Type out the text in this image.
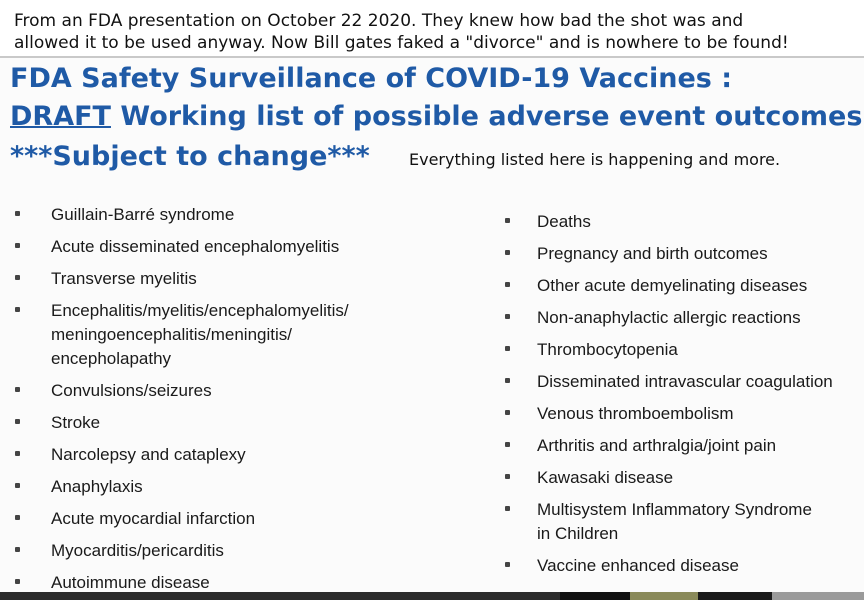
From an FDA presentation on October 22 2020. They knew how bad the shot was and
allowed it to be used anyway. Now Bill gates faked a "divorce" and is nowhere to be found!
FDA Safety Surveillance of COVID-19 Vaccines :
DRAFT Working list of possible adverse event outcomes
***Subject to change*** Everything listed here is happening and more.
Guillain-Barré syndrome
Acute disseminated encephalomyelitis
Transverse myelitis
Encephalitis/myelitis/encephalomyelitis/
meningoencephalitis/meningitis/
encepholapathy
Convulsions/seizures
Stroke
Narcolepsy and cataplexy
Anaphylaxis
Acute myocardial infarction
Myocarditis/pericarditis
Autoimmune disease
Deaths
Pregnancy and birth outcomes
Other acute demyelinating diseases
Non-anaphylactic allergic reactions
Thrombocytopenia
Disseminated intravascular coagulation
Venous thromboembolism
Arthritis and arthralgia/joint pain
Kawasaki disease
Multisystem Inflammatory Syndrome
in Children
Vaccine enhanced disease
